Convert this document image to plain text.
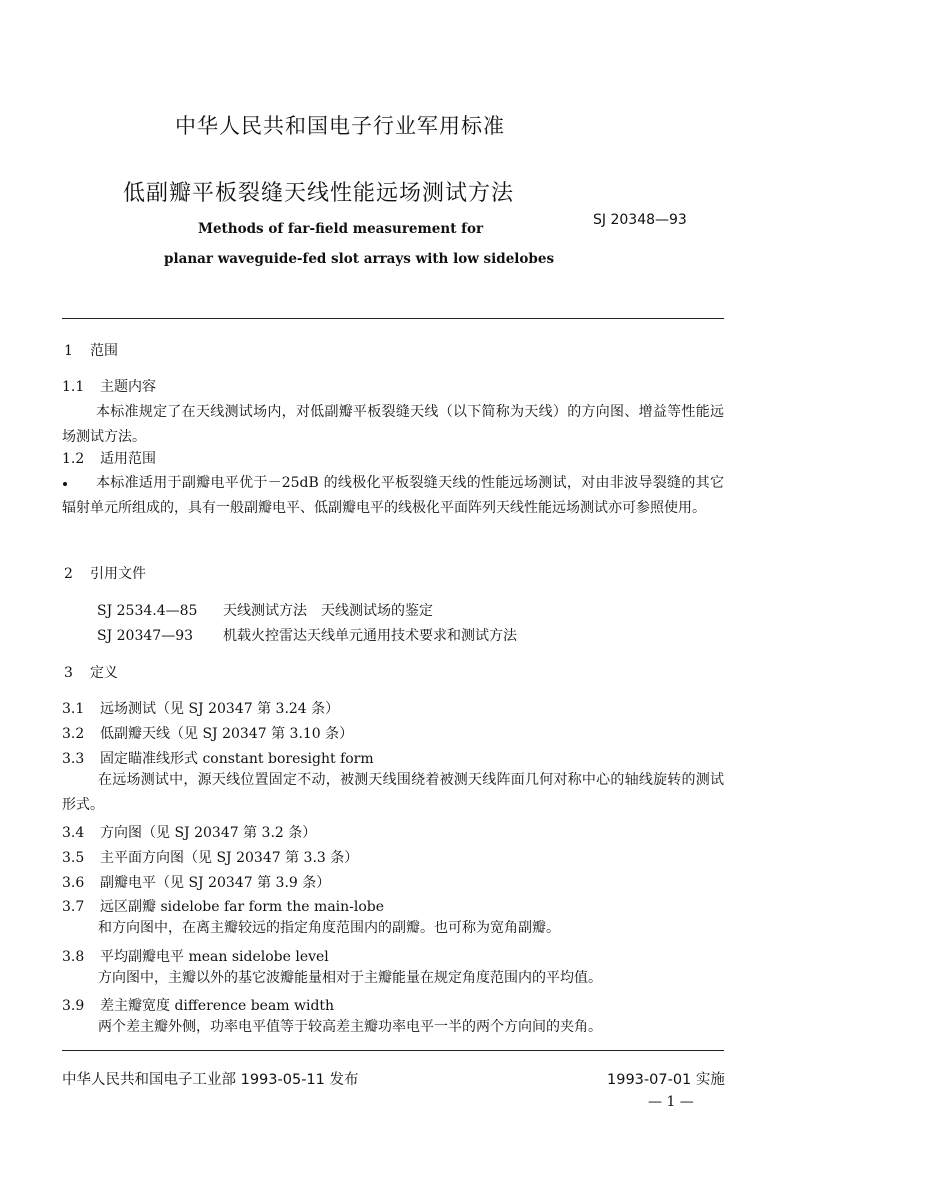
中华人民共和国电子行业军用标准
低副瓣平板裂缝天线性能远场测试方法
Methods of far-field measurement for
planar waveguide-fed slot arrays with low sidelobes
SJ 20348—93
1 范围
1.1 主题内容
本标准规定了在天线测试场内，对低副瓣平板裂缝天线（以下简称为天线）的方向图、增益等性能远场测试方法。
1.2 适用范围
本标准适用于副瓣电平优于－25dB 的线极化平板裂缝天线的性能远场测试，对由非波导裂缝的其它辐射单元所组成的，具有一般副瓣电平、低副瓣电平的线极化平面阵列天线性能远场测试亦可参照使用。
2 引用文件
SJ 2534.4—85 天线测试方法　天线测试场的鉴定
SJ 20347—93 机载火控雷达天线单元通用技术要求和测试方法
3 定义
3.1 远场测试（见 SJ 20347 第 3.24 条）
3.2 低副瓣天线（见 SJ 20347 第 3.10 条）
3.3 固定瞄准线形式 constant boresight form
在远场测试中，源天线位置固定不动，被测天线围绕着被测天线阵面几何对称中心的轴线旋转的测试形式。
3.4 方向图（见 SJ 20347 第 3.2 条）
3.5 主平面方向图（见 SJ 20347 第 3.3 条）
3.6 副瓣电平（见 SJ 20347 第 3.9 条）
3.7 远区副瓣 sidelobe far form the main-lobe
和方向图中，在离主瓣较远的指定角度范围内的副瓣。也可称为宽角副瓣。
3.8 平均副瓣电平 mean sidelobe level
方向图中，主瓣以外的基它波瓣能量相对于主瓣能量在规定角度范围内的平均值。
3.9 差主瓣宽度 difference beam width
两个差主瓣外侧，功率电平值等于较高差主瓣功率电平一半的两个方向间的夹角。
中华人民共和国电子工业部 1993-05-11 发布	1993-07-01 实施
— 1 —
